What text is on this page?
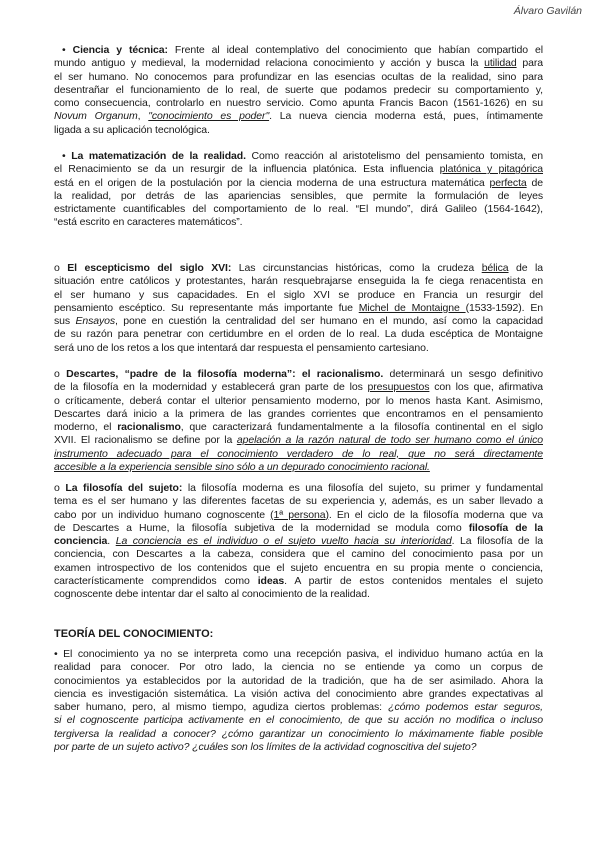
Álvaro Gavilán
• Ciencia y técnica: Frente al ideal contemplativo del conocimiento que habían compartido el
mundo antiguo y medieval, la modernidad relaciona conocimiento y acción y busca la utilidad para
el ser humano. No conocemos para profundizar en las esencias ocultas de la realidad, sino para
desentrañar el funcionamiento de lo real, de suerte que podamos predecir su comportamiento y,
como consecuencia, controlarlo en nuestro servicio. Como apunta Francis Bacon (1561-1626) en su
Novum Organum, "conocimiento es poder". La nueva ciencia moderna está, pues, íntimamente
ligada a su aplicación tecnológica.
• La matematización de la realidad. Como reacción al aristotelismo del pensamiento tomista, en
el Renacimiento se da un resurgir de la influencia platónica. Esta influencia platónica y pitagórica
está en el origen de la postulación por la ciencia moderna de una estructura matemática perfecta de
la realidad, por detrás de las apariencias sensibles, que permite la formulación de leyes
estrictamente cuantificables del comportamiento de lo real. “El mundo”, dirá Galileo (1564-1642),
“está escrito en caracteres matemáticos”.
o El escepticismo del siglo XVI: Las circunstancias históricas, como la crudeza bélica de la
situación entre católicos y protestantes, harán resquebrajarse enseguida la fe ciega renacentista en
el ser humano y sus capacidades. En el siglo XVI se produce en Francia un resurgir del
pensamiento escéptico. Su representante más importante fue Michel de Montaigne (1533-1592). En
sus Ensayos, pone en cuestión la centralidad del ser humano en el mundo, así como la capacidad
de su razón para penetrar con certidumbre en el orden de lo real. La duda escéptica de Montaigne
será uno de los retos a los que intentará dar respuesta el pensamiento cartesiano.
o Descartes, “padre de la filosofía moderna”: el racionalismo. determinará un sesgo definitivo
de la filosofía en la modernidad y establecerá gran parte de los presupuestos con los que, afirmativa
o críticamente, deberá contar el ulterior pensamiento moderno, por lo menos hasta Kant. Asimismo,
Descartes dará inicio a la primera de las grandes corrientes que encontramos en el pensamiento
moderno, el racionalismo, que caracterizará fundamentalmente a la filosofía continental en el siglo
XVII. El racionalismo se define por la apelación a la razón natural de todo ser humano como el único
instrumento adecuado para el conocimiento verdadero de lo real, que no será directamente
accesible a la experiencia sensible sino sólo a un depurado conocimiento racional.
o La filosofía del sujeto: la filosofía moderna es una filosofía del sujeto, su primer y fundamental
tema es el ser humano y las diferentes facetas de su experiencia y, además, es un saber llevado a
cabo por un individuo humano cognoscente (1ª persona). En el ciclo de la filosofía moderna que va
de Descartes a Hume, la filosofía subjetiva de la modernidad se modula como filosofía de la
conciencia. La conciencia es el individuo o el sujeto vuelto hacia su interioridad. La filosofía de la
conciencia, con Descartes a la cabeza, considera que el camino del conocimiento pasa por un
examen introspectivo de los contenidos que el sujeto encuentra en su propia mente o conciencia,
característicamente comprendidos como ideas. A partir de estos contenidos mentales el sujeto
cognoscente debe intentar dar el salto al conocimiento de la realidad.
TEORÍA DEL CONOCIMIENTO:
• El conocimiento ya no se interpreta como una recepción pasiva, el individuo humano actúa en la
realidad para conocer. Por otro lado, la ciencia no se entiende ya como un corpus de
conocimientos ya establecidos por la autoridad de la tradición, que ha de ser asimilado. Ahora la
ciencia es investigación sistemática. La visión activa del conocimiento abre grandes expectativas al
saber humano, pero, al mismo tiempo, agudiza ciertos problemas: ¿cómo podemos estar seguros,
si el cognoscente participa activamente en el conocimiento, de que su acción no modifica o incluso
tergiversa la realidad a conocer? ¿cómo garantizar un conocimiento lo máximamente fiable posible
por parte de un sujeto activo? ¿cuáles son los límites de la actividad cognoscitiva del sujeto?
